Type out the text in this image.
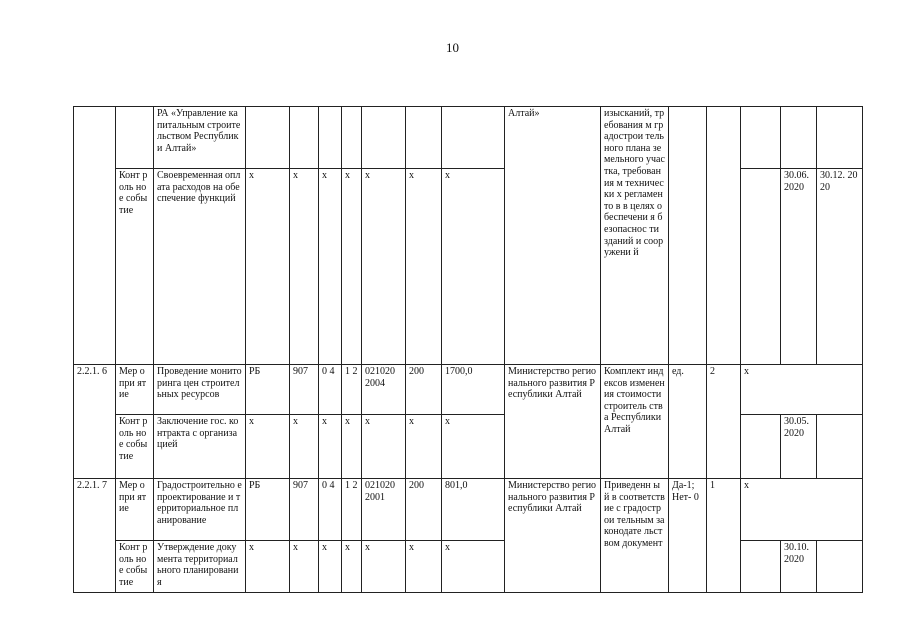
10

		РА «Управление капитальным строительством Республики Алтай»								Алтай»	изысканий, требования м градострои тельного плана земельного участка, требования м технически х регламенто в в целях обеспечени я безопаснос ти зданий и сооружени й					

	Конт роль ное собы тие	Своевременная оплата расходов на обеспечение функций	х	х	х	х	х	х	х						30.06. 2020	30.12. 2020

2.2.1. 6	Мер опри ятие	Проведение мониторинга цен строительных ресурсов	РБ	907	0 4	1 2	021020 2004	200	1700,0	Министерство регионального развития Республики Алтай	Комплект индексов изменения стоимости строитель ства Республики Алтай	ед.	2	х		

	Конт роль ное собы тие	Заключение гос. контракта с организацией	х	х	х	х	х	х	х						30.05. 2020	

2.2.1. 7	Мер опри ятие	Градостроительно е проектирование и территориальное планирование	РБ	907	0 4	1 2	021020 2001	200	801,0	Министерство регионального развития Республики Алтай	Приведенн ый в соответств ие с градострои тельным законодате льством документ	Да-1; Нет- 0	1	х		

	Конт роль ное собы тие	Утверждение документа территориального планирования	х	х	х	х	х	х	х						30.10. 2020	
